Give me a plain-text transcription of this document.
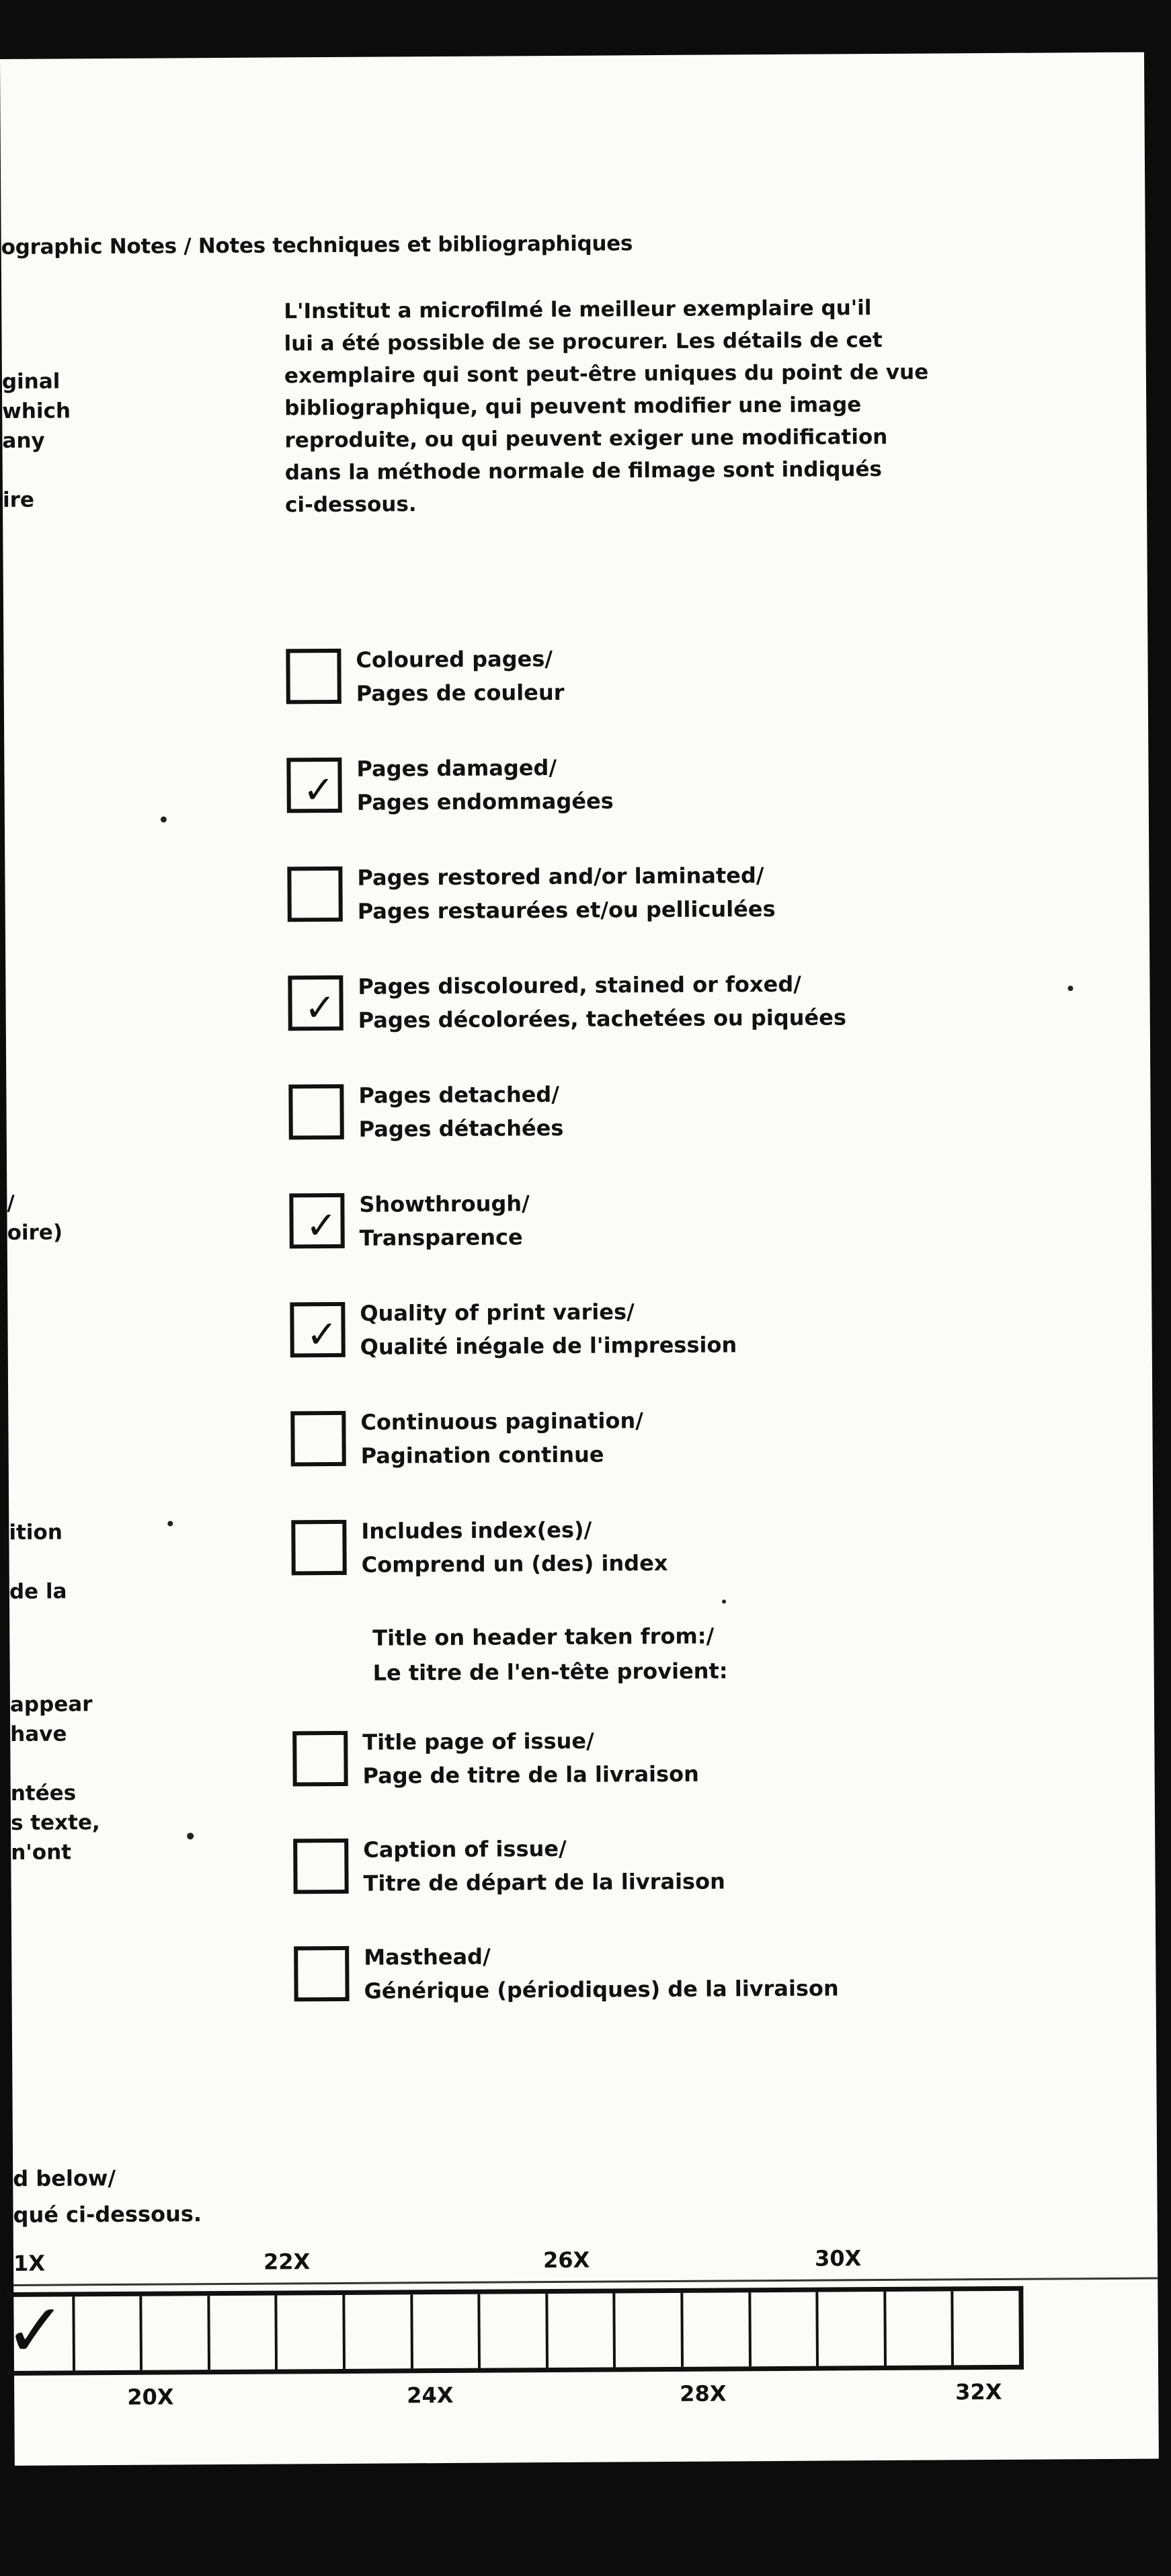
ographic Notes / Notes techniques et bibliographiques
ginal
which
any

ire
/
oire)
ition

de la
appear
have

ntées
s texte,
n'ont
L'Institut a microfilmé le meilleur exemplaire qu'il
lui a été possible de se procurer. Les détails de cet
exemplaire qui sont peut-être uniques du point de vue
bibliographique, qui peuvent modifier une image
reproduite, ou qui peuvent exiger une modification
dans la méthode normale de filmage sont indiqués
ci-dessous.
Coloured pages/
Pages de couleur
✓
Pages damaged/
Pages endommagées
Pages restored and/or laminated/
Pages restaurées et/ou pelliculées
✓
Pages discoloured, stained or foxed/
Pages décolorées, tachetées ou piquées
Pages detached/
Pages détachées
✓ Showthrough/
Transparence
✓
Quality of print varies/
Qualité inégale de l'impression
Continuous pagination/
Pagination continue
Includes index(es)/
Comprend un (des) index
Title on header taken from:/
Le titre de l'en-tête provient:
Title page of issue/
Page de titre de la livraison
Caption of issue/
Titre de départ de la livraison
Masthead/
Générique (périodiques) de la livraison
d below/
qué ci-dessous.
1X	22X	26X	30X
✓
20X	24X	28X	32X
